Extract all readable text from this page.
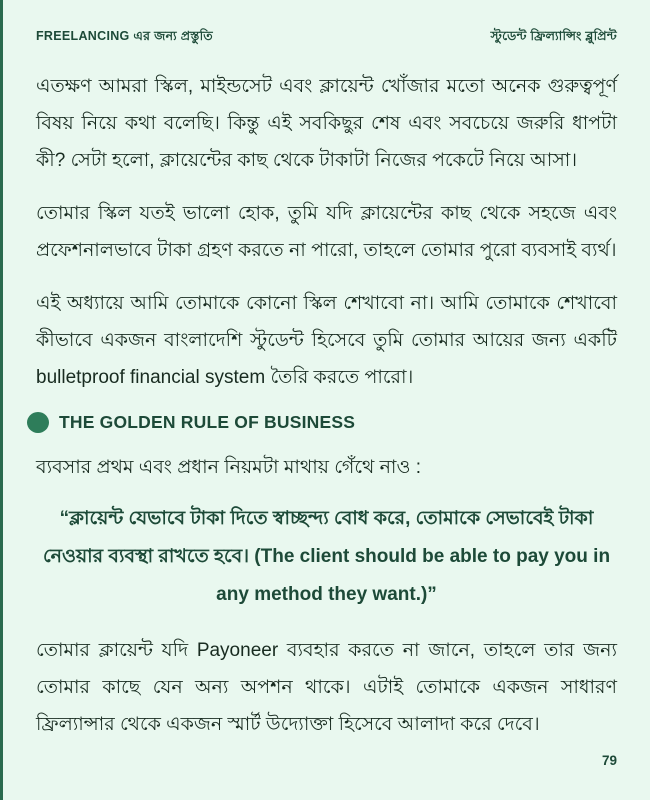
FREELANCING এর জন্য প্রস্তুতি	স্টুডেন্ট ফ্রিল্যান্সিং ব্লুপ্রিন্ট

এতক্ষণ আমরা স্কিল, মাইন্ডসেট এবং ক্লায়েন্ট খোঁজার মতো অনেক গুরুত্বপূর্ণ বিষয় নিয়ে কথা বলেছি। কিন্তু এই সবকিছুর শেষ এবং সবচেয়ে জরুরি ধাপটা কী? সেটা হলো, ক্লায়েন্টের কাছ থেকে টাকাটা নিজের পকেটে নিয়ে আসা।

তোমার স্কিল যতই ভালো হোক, তুমি যদি ক্লায়েন্টের কাছ থেকে সহজে এবং প্রফেশনালভাবে টাকা গ্রহণ করতে না পারো, তাহলে তোমার পুরো ব্যবসাই ব্যর্থ।

এই অধ্যায়ে আমি তোমাকে কোনো স্কিল শেখাবো না। আমি তোমাকে শেখাবো কীভাবে একজন বাংলাদেশি স্টুডেন্ট হিসেবে তুমি তোমার আয়ের জন্য একটি bulletproof financial system তৈরি করতে পারো।

THE GOLDEN RULE OF BUSINESS

ব্যবসার প্রথম এবং প্রধান নিয়মটা মাথায় গেঁথে নাও :

“ক্লায়েন্ট যেভাবে টাকা দিতে স্বাচ্ছন্দ্য বোধ করে, তোমাকে সেভাবেই টাকা নেওয়ার ব্যবস্থা রাখতে হবে। (The client should be able to pay you in any method they want.)”

তোমার ক্লায়েন্ট যদি Payoneer ব্যবহার করতে না জানে, তাহলে তার জন্য তোমার কাছে যেন অন্য অপশন থাকে। এটাই তোমাকে একজন সাধারণ ফ্রিল্যান্সার থেকে একজন স্মার্ট উদ্যোক্তা হিসেবে আলাদা করে দেবে।

79
